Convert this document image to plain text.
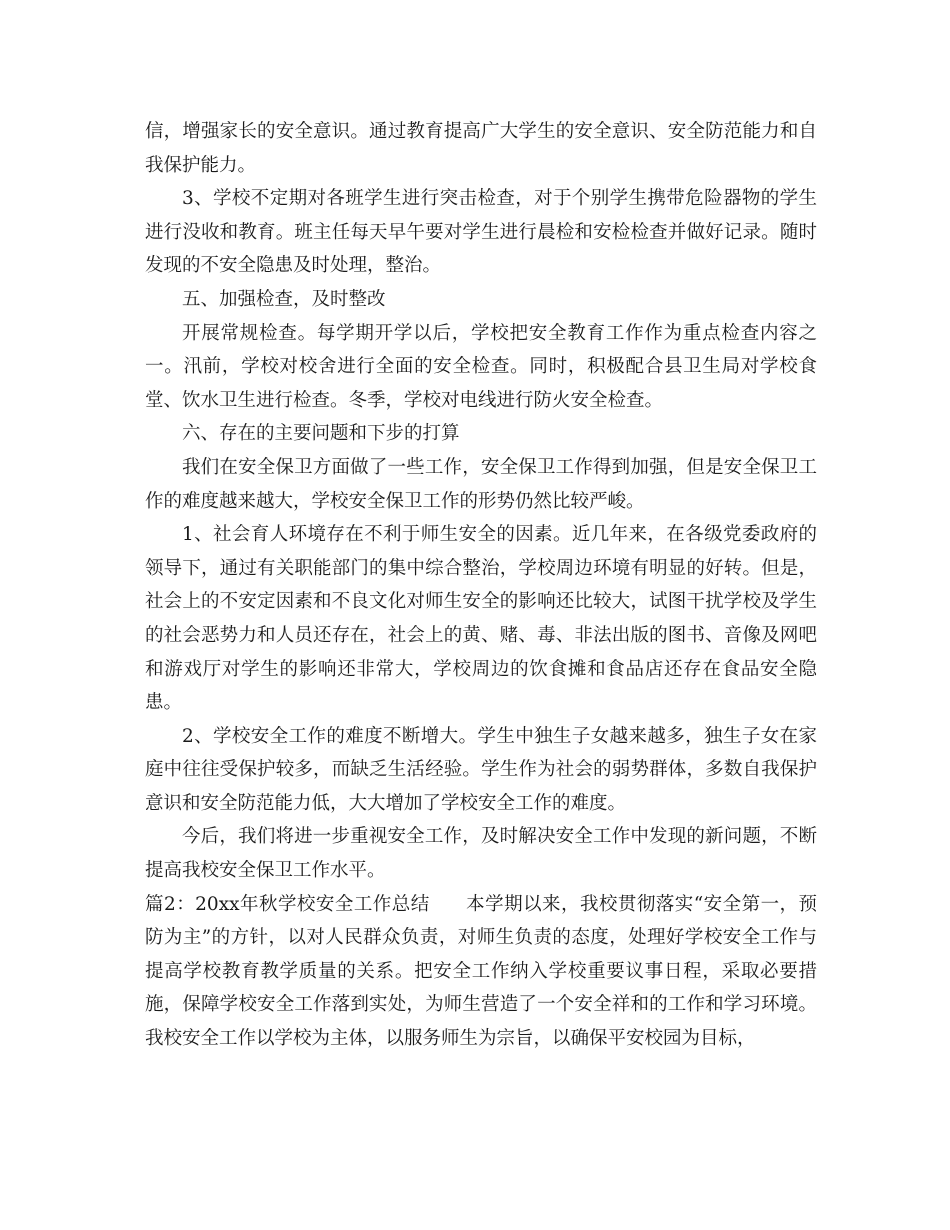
信，增强家长的安全意识。通过教育提高广大学生的安全意识、安全防范能力和自我保护能力。

3、学校不定期对各班学生进行突击检查，对于个别学生携带危险器物的学生进行没收和教育。班主任每天早午要对学生进行晨检和安检检查并做好记录。随时发现的不安全隐患及时处理，整治。

五、加强检查，及时整改

开展常规检查。每学期开学以后，学校把安全教育工作作为重点检查内容之一。汛前，学校对校舍进行全面的安全检查。同时，积极配合县卫生局对学校食堂、饮水卫生进行检查。冬季，学校对电线进行防火安全检查。

六、存在的主要问题和下步的打算

我们在安全保卫方面做了一些工作，安全保卫工作得到加强，但是安全保卫工作的难度越来越大，学校安全保卫工作的形势仍然比较严峻。

1、社会育人环境存在不利于师生安全的因素。近几年来，在各级党委政府的领导下，通过有关职能部门的集中综合整治，学校周边环境有明显的好转。但是，社会上的不安定因素和不良文化对师生安全的影响还比较大，试图干扰学校及学生的社会恶势力和人员还存在，社会上的黄、赌、毒、非法出版的图书、音像及网吧和游戏厅对学生的影响还非常大，学校周边的饮食摊和食品店还存在食品安全隐患。

2、学校安全工作的难度不断增大。学生中独生子女越来越多，独生子女在家庭中往往受保护较多，而缺乏生活经验。学生作为社会的弱势群体，多数自我保护意识和安全防范能力低，大大增加了学校安全工作的难度。

今后，我们将进一步重视安全工作，及时解决安全工作中发现的新问题，不断提高我校安全保卫工作水平。

篇2：20xx年秋学校安全工作总结 本学期以来，我校贯彻落实“安全第一，预防为主”的方针，以对人民群众负责，对师生负责的态度，处理好学校安全工作与提高学校教育教学质量的关系。把安全工作纳入学校重要议事日程，采取必要措施，保障学校安全工作落到实处，为师生营造了一个安全祥和的工作和学习环境。我校安全工作以学校为主体，以服务师生为宗旨，以确保平安校园为目标，
